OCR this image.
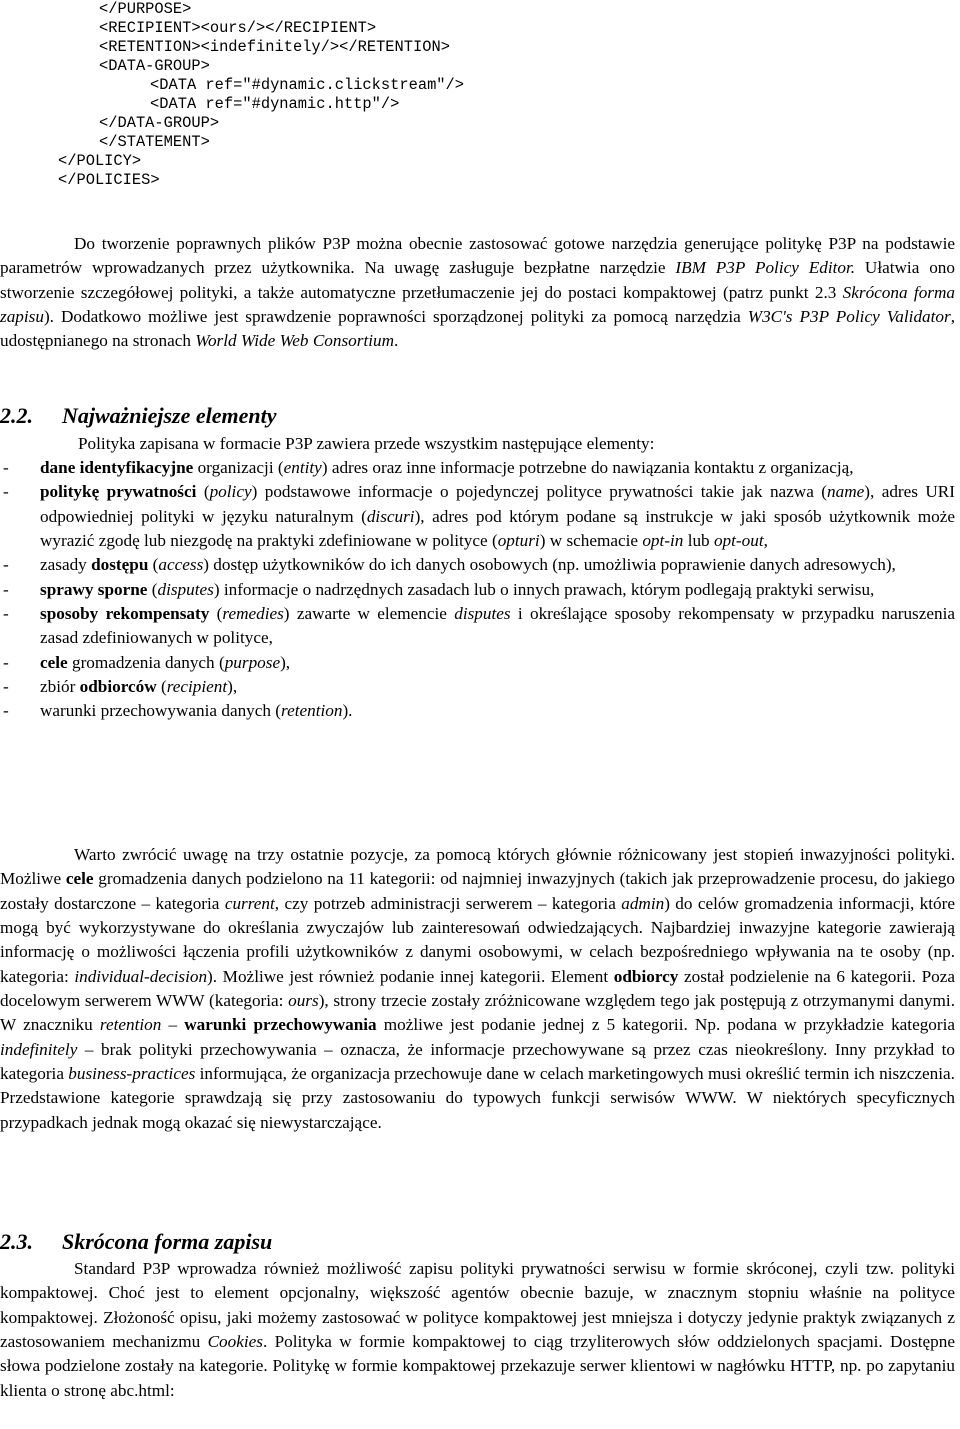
</PURPOSE>
<RECIPIENT><ours/></RECIPIENT>
<RETENTION><indefinitely/></RETENTION>
<DATA-GROUP>
<DATA ref="#dynamic.clickstream"/>
<DATA ref="#dynamic.http"/>
</DATA-GROUP>
</STATEMENT>
</POLICY>
</POLICIES>
Do tworzenie poprawnych plików P3P można obecnie zastosować gotowe narzędzia generujące politykę P3P na podstawie parametrów wprowadzanych przez użytkownika. Na uwagę zasługuje bezpłatne narzędzie IBM P3P Policy Editor. Ułatwia ono stworzenie szczegółowej polityki, a także automatyczne przetłumaczenie jej do postaci kompaktowej (patrz punkt 2.3 Skrócona forma zapisu). Dodatkowo możliwe jest sprawdzenie poprawności sporządzonej polityki za pomocą narzędzia W3C's P3P Policy Validator, udostępnianego na stronach World Wide Web Consortium.
2.2. Najważniejsze elementy
Polityka zapisana w formacie P3P zawiera przede wszystkim następujące elementy:
- dane identyfikacyjne organizacji (entity) adres oraz inne informacje potrzebne do nawiązania kontaktu z organizacją,
- politykę prywatności (policy) podstawowe informacje o pojedynczej polityce prywatności takie jak nazwa (name), adres URI odpowiedniej polityki w języku naturalnym (discuri), adres pod którym podane są instrukcje w jaki sposób użytkownik może wyrazić zgodę lub niezgodę na praktyki zdefiniowane w polityce (opturi) w schemacie opt-in lub opt-out,
- zasady dostępu (access) dostęp użytkowników do ich danych osobowych (np. umożliwia poprawienie danych adresowych),
- sprawy sporne (disputes) informacje o nadrzędnych zasadach lub o innych prawach, którym podlegają praktyki serwisu,
- sposoby rekompensaty (remedies) zawarte w elemencie disputes i określające sposoby rekompensaty w przypadku naruszenia zasad zdefiniowanych w polityce,
- cele gromadzenia danych (purpose),
- zbiór odbiorców (recipient),
- warunki przechowywania danych (retention).
Warto zwrócić uwagę na trzy ostatnie pozycje, za pomocą których głównie różnicowany jest stopień inwazyjności polityki. Możliwe cele gromadzenia danych podzielono na 11 kategorii: od najmniej inwazyjnych (takich jak przeprowadzenie procesu, do jakiego zostały dostarczone – kategoria current, czy potrzeb administracji serwerem – kategoria admin) do celów gromadzenia informacji, które mogą być wykorzystywane do określania zwyczajów lub zainteresowań odwiedzających. Najbardziej inwazyjne kategorie zawierają informację o możliwości łączenia profili użytkowników z danymi osobowymi, w celach bezpośredniego wpływania na te osoby (np. kategoria: individual-decision). Możliwe jest również podanie innej kategorii. Element odbiorcy został podzielenie na 6 kategorii. Poza docelowym serwerem WWW (kategoria: ours), strony trzecie zostały zróżnicowane względem tego jak postępują z otrzymanymi danymi. W znaczniku retention – warunki przechowywania możliwe jest podanie jednej z 5 kategorii. Np. podana w przykładzie kategoria indefinitely – brak polityki przechowywania – oznacza, że informacje przechowywane są przez czas nieokreślony. Inny przykład to kategoria business-practices informująca, że organizacja przechowuje dane w celach marketingowych musi określić termin ich niszczenia. Przedstawione kategorie sprawdzają się przy zastosowaniu do typowych funkcji serwisów WWW. W niektórych specyficznych przypadkach jednak mogą okazać się niewystarczające.
2.3. Skrócona forma zapisu
Standard P3P wprowadza również możliwość zapisu polityki prywatności serwisu w formie skróconej, czyli tzw. polityki kompaktowej. Choć jest to element opcjonalny, większość agentów obecnie bazuje, w znacznym stopniu właśnie na polityce kompaktowej. Złożoność opisu, jaki możemy zastosować w polityce kompaktowej jest mniejsza i dotyczy jedynie praktyk związanych z zastosowaniem mechanizmu Cookies. Polityka w formie kompaktowej to ciąg trzyliterowych słów oddzielonych spacjami. Dostępne słowa podzielone zostały na kategorie. Politykę w formie kompaktowej przekazuje serwer klientowi w nagłówku HTTP, np. po zapytaniu klienta o stronę abc.html:
